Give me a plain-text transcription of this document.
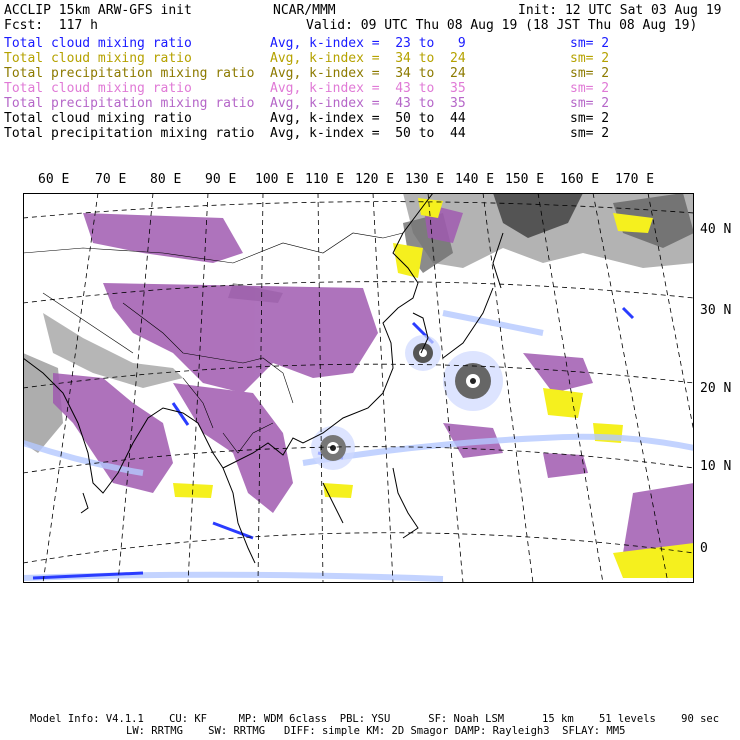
ACCLIP 15km ARW-GFS init	NCAR/MMM	Init: 12 UTC Sat 03 Aug 19
Fcst:  117 h	Valid: 09 UTC Thu 08 Aug 19 (18 JST Thu 08 Aug 19)
Total cloud mixing ratio	Avg, k-index =  23 to   9	sm= 2
Total cloud mixing ratio	Avg, k-index =  34 to  24	sm= 2
Total precipitation mixing ratio Avg, k-index =  34 to  24	sm= 2
Total cloud mixing ratio	Avg, k-index =  43 to  35	sm= 2
Total precipitation mixing ratio Avg, k-index =  43 to  35	sm= 2
Total cloud mixing ratio	Avg, k-index =  50 to  44	sm= 2
Total precipitation mixing ratio Avg, k-index =  50 to  44	sm= 2
60 E 70 E 80 E 90 E 100 E 110 E 120 E 130 E 140 E 150 E 160 E 170 E
40 N
30 N
20 N
10 N
0
Model Info: V4.1.1    CU: KF     MP: WDM 6class  PBL: YSU      SF: Noah LSM      15 km    51 levels    90 sec
LW: RRTMG    SW: RRTMG   DIFF: simple KM: 2D Smagor DAMP: Rayleigh3  SFLAY: MM5
